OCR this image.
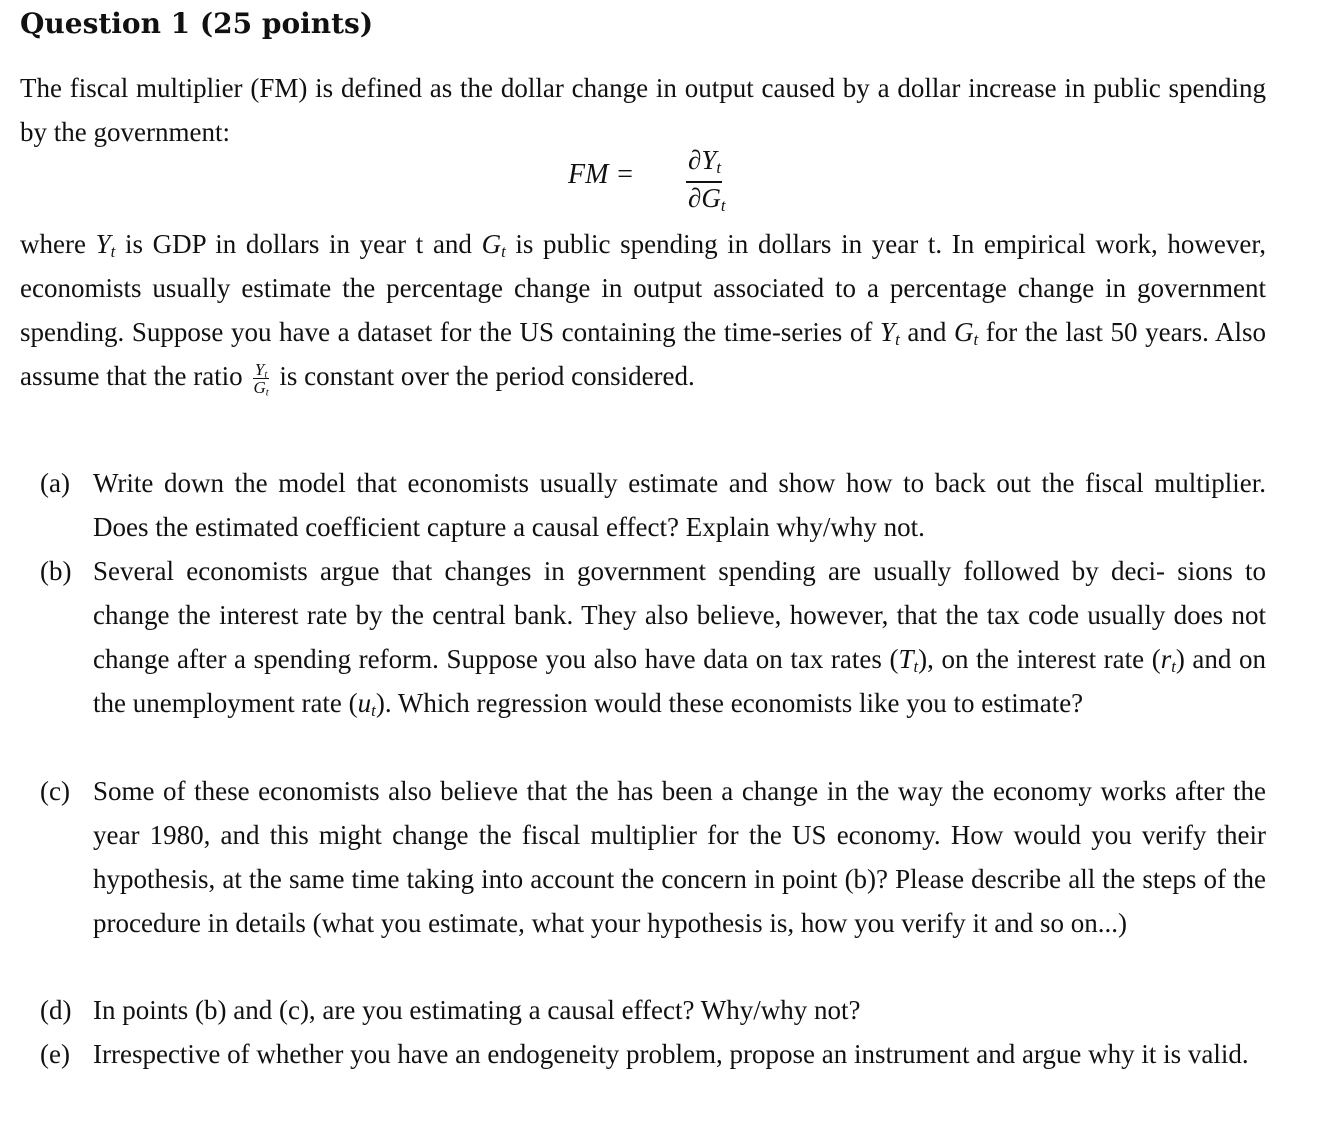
Question 1 (25 points)

The fiscal multiplier (FM) is defined as the dollar change in output caused by a dollar increase in public spending by the government:

FM = $\partial Y_t$
$\partial G_t$

where $Y_t$ is GDP in dollars in year t and $G_t$ is public spending in dollars in year t. In empirical work, however, economists usually estimate the percentage change in output associated to a percentage change in government spending. Suppose you have a dataset for the US containing the time-series of $Y_t$ and $G_t$ for the last 50 years. Also assume that the ratio $\frac{Y_t}{G_t}$ is constant over the period considered.

(a) Write down the model that economists usually estimate and show how to back out the fiscal multiplier. Does the estimated coefficient capture a causal effect? Explain why/why not.
(b) Several economists argue that changes in government spending are usually followed by deci- sions to change the interest rate by the central bank. They also believe, however, that the tax code usually does not change after a spending reform. Suppose you also have data on tax rates $(T_t)$, on the interest rate $(r_t)$ and on the unemployment rate $(u_t)$. Which regression would these economists like you to estimate?
(c) Some of these economists also believe that the has been a change in the way the economy works after the year 1980, and this might change the fiscal multiplier for the US economy. How would you verify their hypothesis, at the same time taking into account the concern in point (b)? Please describe all the steps of the procedure in details (what you estimate, what your hypothesis is, how you verify it and so on...)
(d) In points (b) and (c), are you estimating a causal effect? Why/why not?
(e) Irrespective of whether you have an endogeneity problem, propose an instrument and argue why it is valid.
